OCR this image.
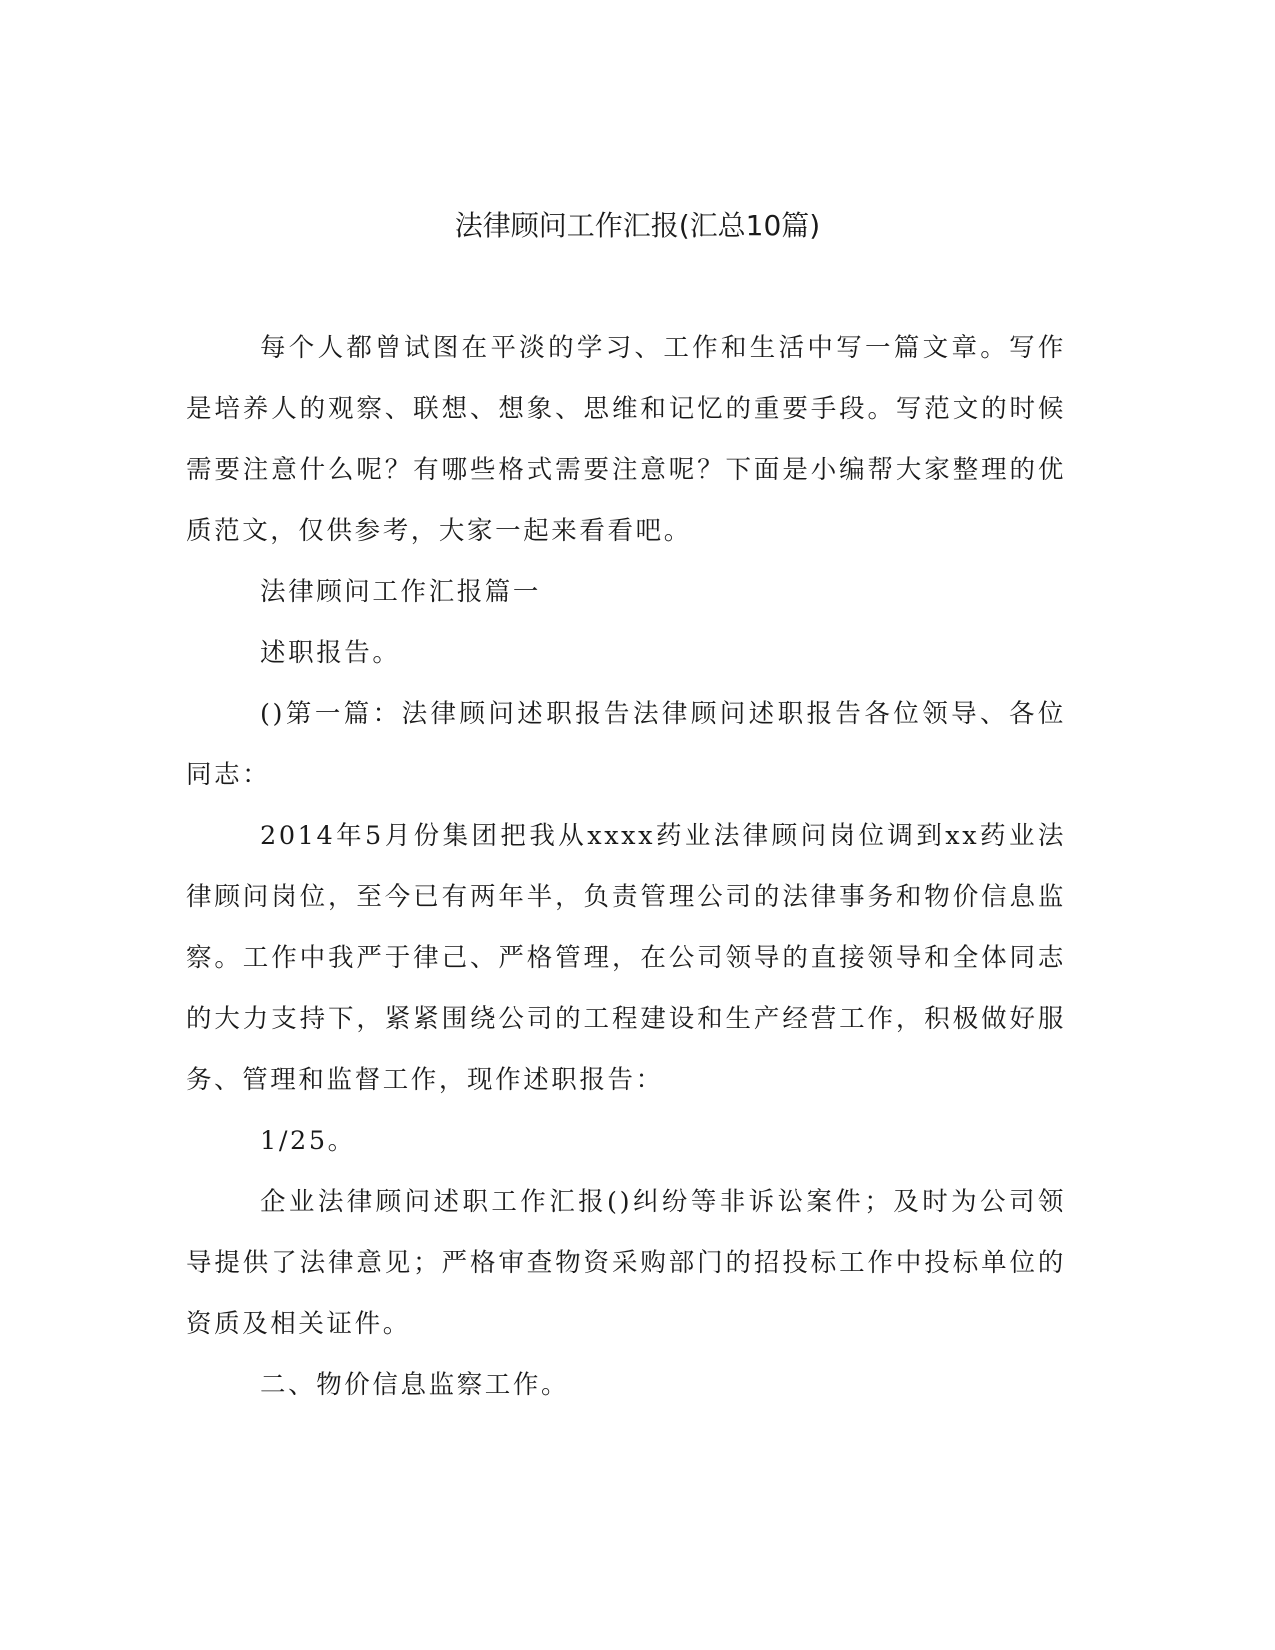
法律顾问工作汇报(汇总10篇)

每个人都曾试图在平淡的学习、工作和生活中写一篇文章。写作是培养人的观察、联想、想象、思维和记忆的重要手段。写范文的时候需要注意什么呢？有哪些格式需要注意呢？下面是小编帮大家整理的优质范文，仅供参考，大家一起来看看吧。

法律顾问工作汇报篇一

述职报告。

()第一篇：法律顾问述职报告法律顾问述职报告各位领导、各位同志：

2014年5月份集团把我从xxxx药业法律顾问岗位调到xx药业法律顾问岗位，至今已有两年半，负责管理公司的法律事务和物价信息监察。工作中我严于律己、严格管理，在公司领导的直接领导和全体同志的大力支持下，紧紧围绕公司的工程建设和生产经营工作，积极做好服务、管理和监督工作，现作述职报告：

1/25。

企业法律顾问述职工作汇报()纠纷等非诉讼案件；及时为公司领导提供了法律意见；严格审查物资采购部门的招投标工作中投标单位的资质及相关证件。

二、物价信息监察工作。
